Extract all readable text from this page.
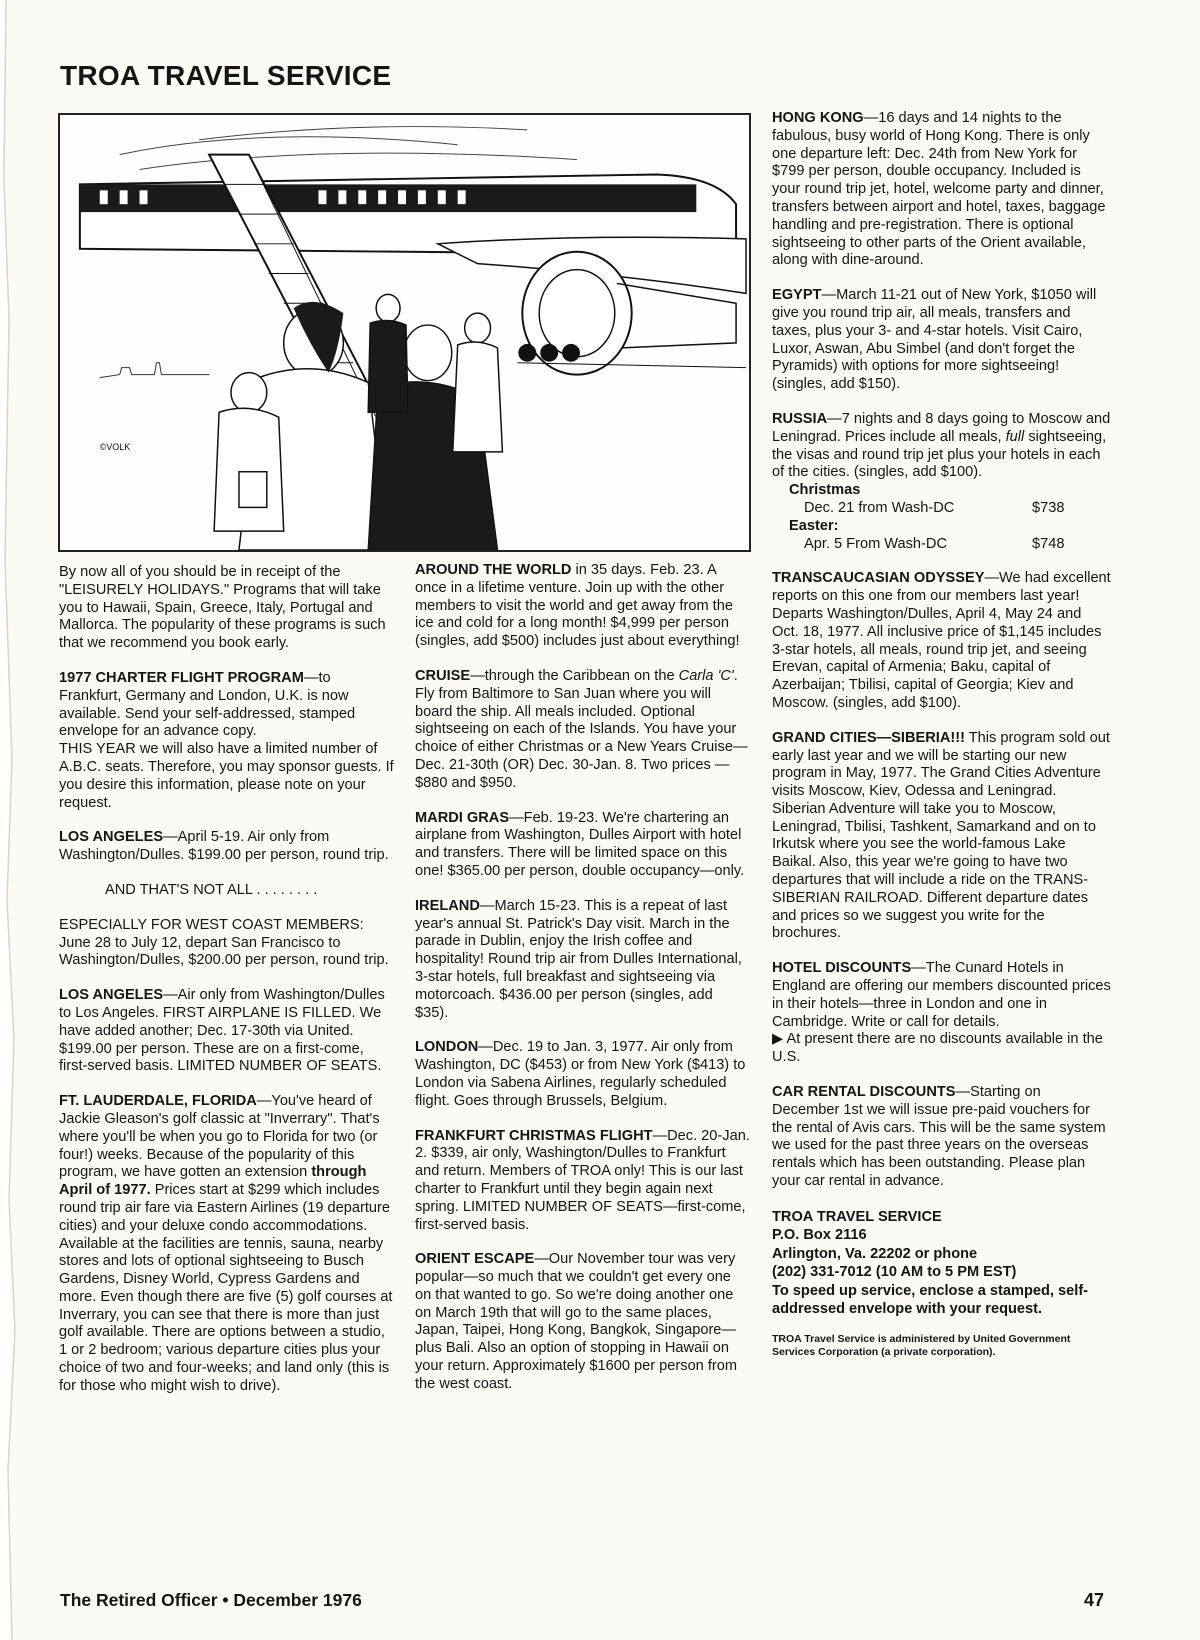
TROA TRAVEL SERVICE
©VOLK

By now all of you should be in receipt of the "LEISURELY HOLIDAYS." Programs that will take you to Hawaii, Spain, Greece, Italy, Portugal and Mallorca. The popularity of these programs is such that we recommend you book early.

1977 CHARTER FLIGHT PROGRAM—to Frankfurt, Germany and London, U.K. is now available. Send your self-addressed, stamped envelope for an advance copy.
THIS YEAR we will also have a limited number of A.B.C. seats. Therefore, you may sponsor guests. If you desire this information, please note on your request.

LOS ANGELES—April 5-19. Air only from Washington/Dulles. $199.00 per person, round trip.

AND THAT'S NOT ALL . . . . . . . .

ESPECIALLY FOR WEST COAST MEMBERS: June 28 to July 12, depart San Francisco to Washington/Dulles, $200.00 per person, round trip.

LOS ANGELES—Air only from Washington/Dulles to Los Angeles. FIRST AIRPLANE IS FILLED. We have added another; Dec. 17-30th via United. $199.00 per person. These are on a first-come, first-served basis. LIMITED NUMBER OF SEATS.

FT. LAUDERDALE, FLORIDA—You've heard of Jackie Gleason's golf classic at "Inverrary". That's where you'll be when you go to Florida for two (or four!) weeks. Because of the popularity of this program, we have gotten an extension through April of 1977. Prices start at $299 which includes round trip air fare via Eastern Airlines (19 departure cities) and your deluxe condo accommodations. Available at the facilities are tennis, sauna, nearby stores and lots of optional sightseeing to Busch Gardens, Disney World, Cypress Gardens and more. Even though there are five (5) golf courses at Inverrary, you can see that there is more than just golf available. There are options between a studio, 1 or 2 bedroom; various departure cities plus your choice of two and four-weeks; and land only (this is for those who might wish to drive).

AROUND THE WORLD in 35 days. Feb. 23. A once in a lifetime venture. Join up with the other members to visit the world and get away from the ice and cold for a long month! $4,999 per person (singles, add $500) includes just about everything!

CRUISE—through the Caribbean on the Carla 'C'. Fly from Baltimore to San Juan where you will board the ship. All meals included. Optional sightseeing on each of the Islands. You have your choice of either Christmas or a New Years Cruise—Dec. 21-30th (OR) Dec. 30-Jan. 8. Two prices — $880 and $950.

MARDI GRAS—Feb. 19-23. We're chartering an airplane from Washington, Dulles Airport with hotel and transfers. There will be limited space on this one! $365.00 per person, double occupancy—only.

IRELAND—March 15-23. This is a repeat of last year's annual St. Patrick's Day visit. March in the parade in Dublin, enjoy the Irish coffee and hospitality! Round trip air from Dulles International, 3-star hotels, full breakfast and sightseeing via motorcoach. $436.00 per person (singles, add $35).

LONDON—Dec. 19 to Jan. 3, 1977. Air only from Washington, DC ($453) or from New York ($413) to London via Sabena Airlines, regularly scheduled flight. Goes through Brussels, Belgium.

FRANKFURT CHRISTMAS FLIGHT—Dec. 20-Jan. 2. $339, air only, Washington/Dulles to Frankfurt and return. Members of TROA only! This is our last charter to Frankfurt until they begin again next spring. LIMITED NUMBER OF SEATS—first-come, first-served basis.

ORIENT ESCAPE—Our November tour was very popular—so much that we couldn't get every one on that wanted to go. So we're doing another one on March 19th that will go to the same places, Japan, Taipei, Hong Kong, Bangkok, Singapore—plus Bali. Also an option of stopping in Hawaii on your return. Approximately $1600 per person from the west coast.

HONG KONG—16 days and 14 nights to the fabulous, busy world of Hong Kong. There is only one departure left: Dec. 24th from New York for $799 per person, double occupancy. Included is your round trip jet, hotel, welcome party and dinner, transfers between airport and hotel, taxes, baggage handling and pre-registration. There is optional sightseeing to other parts of the Orient available, along with dine-around.

EGYPT—March 11-21 out of New York, $1050 will give you round trip air, all meals, transfers and taxes, plus your 3- and 4-star hotels. Visit Cairo, Luxor, Aswan, Abu Simbel (and don't forget the Pyramids) with options for more sightseeing! (singles, add $150).

RUSSIA—7 nights and 8 days going to Moscow and Leningrad. Prices include all meals, full sightseeing, the visas and round trip jet plus your hotels in each of the cities. (singles, add $100).

Christmas
Dec. 21 from Wash-DC	$738
Easter:
Apr. 5 From Wash-DC	$748

TRANSCAUCASIAN ODYSSEY—We had excellent reports on this one from our members last year! Departs Washington/Dulles, April 4, May 24 and Oct. 18, 1977. All inclusive price of $1,145 includes 3-star hotels, all meals, round trip jet, and seeing Erevan, capital of Armenia; Baku, capital of Azerbaijan; Tbilisi, capital of Georgia; Kiev and Moscow. (singles, add $100).

GRAND CITIES—SIBERIA!!! This program sold out early last year and we will be starting our new program in May, 1977. The Grand Cities Adventure visits Moscow, Kiev, Odessa and Leningrad. Siberian Adventure will take you to Moscow, Leningrad, Tbilisi, Tashkent, Samarkand and on to Irkutsk where you see the world-famous Lake Baikal. Also, this year we're going to have two departures that will include a ride on the TRANS-SIBERIAN RAILROAD. Different departure dates and prices so we suggest you write for the brochures.

HOTEL DISCOUNTS—The Cunard Hotels in England are offering our members discounted prices in their hotels—three in London and one in Cambridge. Write or call for details.
▶ At present there are no discounts available in the U.S.

CAR RENTAL DISCOUNTS—Starting on December 1st we will issue pre-paid vouchers for the rental of Avis cars. This will be the same system we used for the past three years on the overseas rentals which has been outstanding. Please plan your car rental in advance.

TROA TRAVEL SERVICE
P.O. Box 2116
Arlington, Va. 22202 or phone
(202) 331-7012 (10 AM to 5 PM EST)
To speed up service, enclose a stamped, self-addressed envelope with your request.
TROA Travel Service is administered by United Government Services Corporation (a private corporation).
The Retired Officer • December 1976	47
